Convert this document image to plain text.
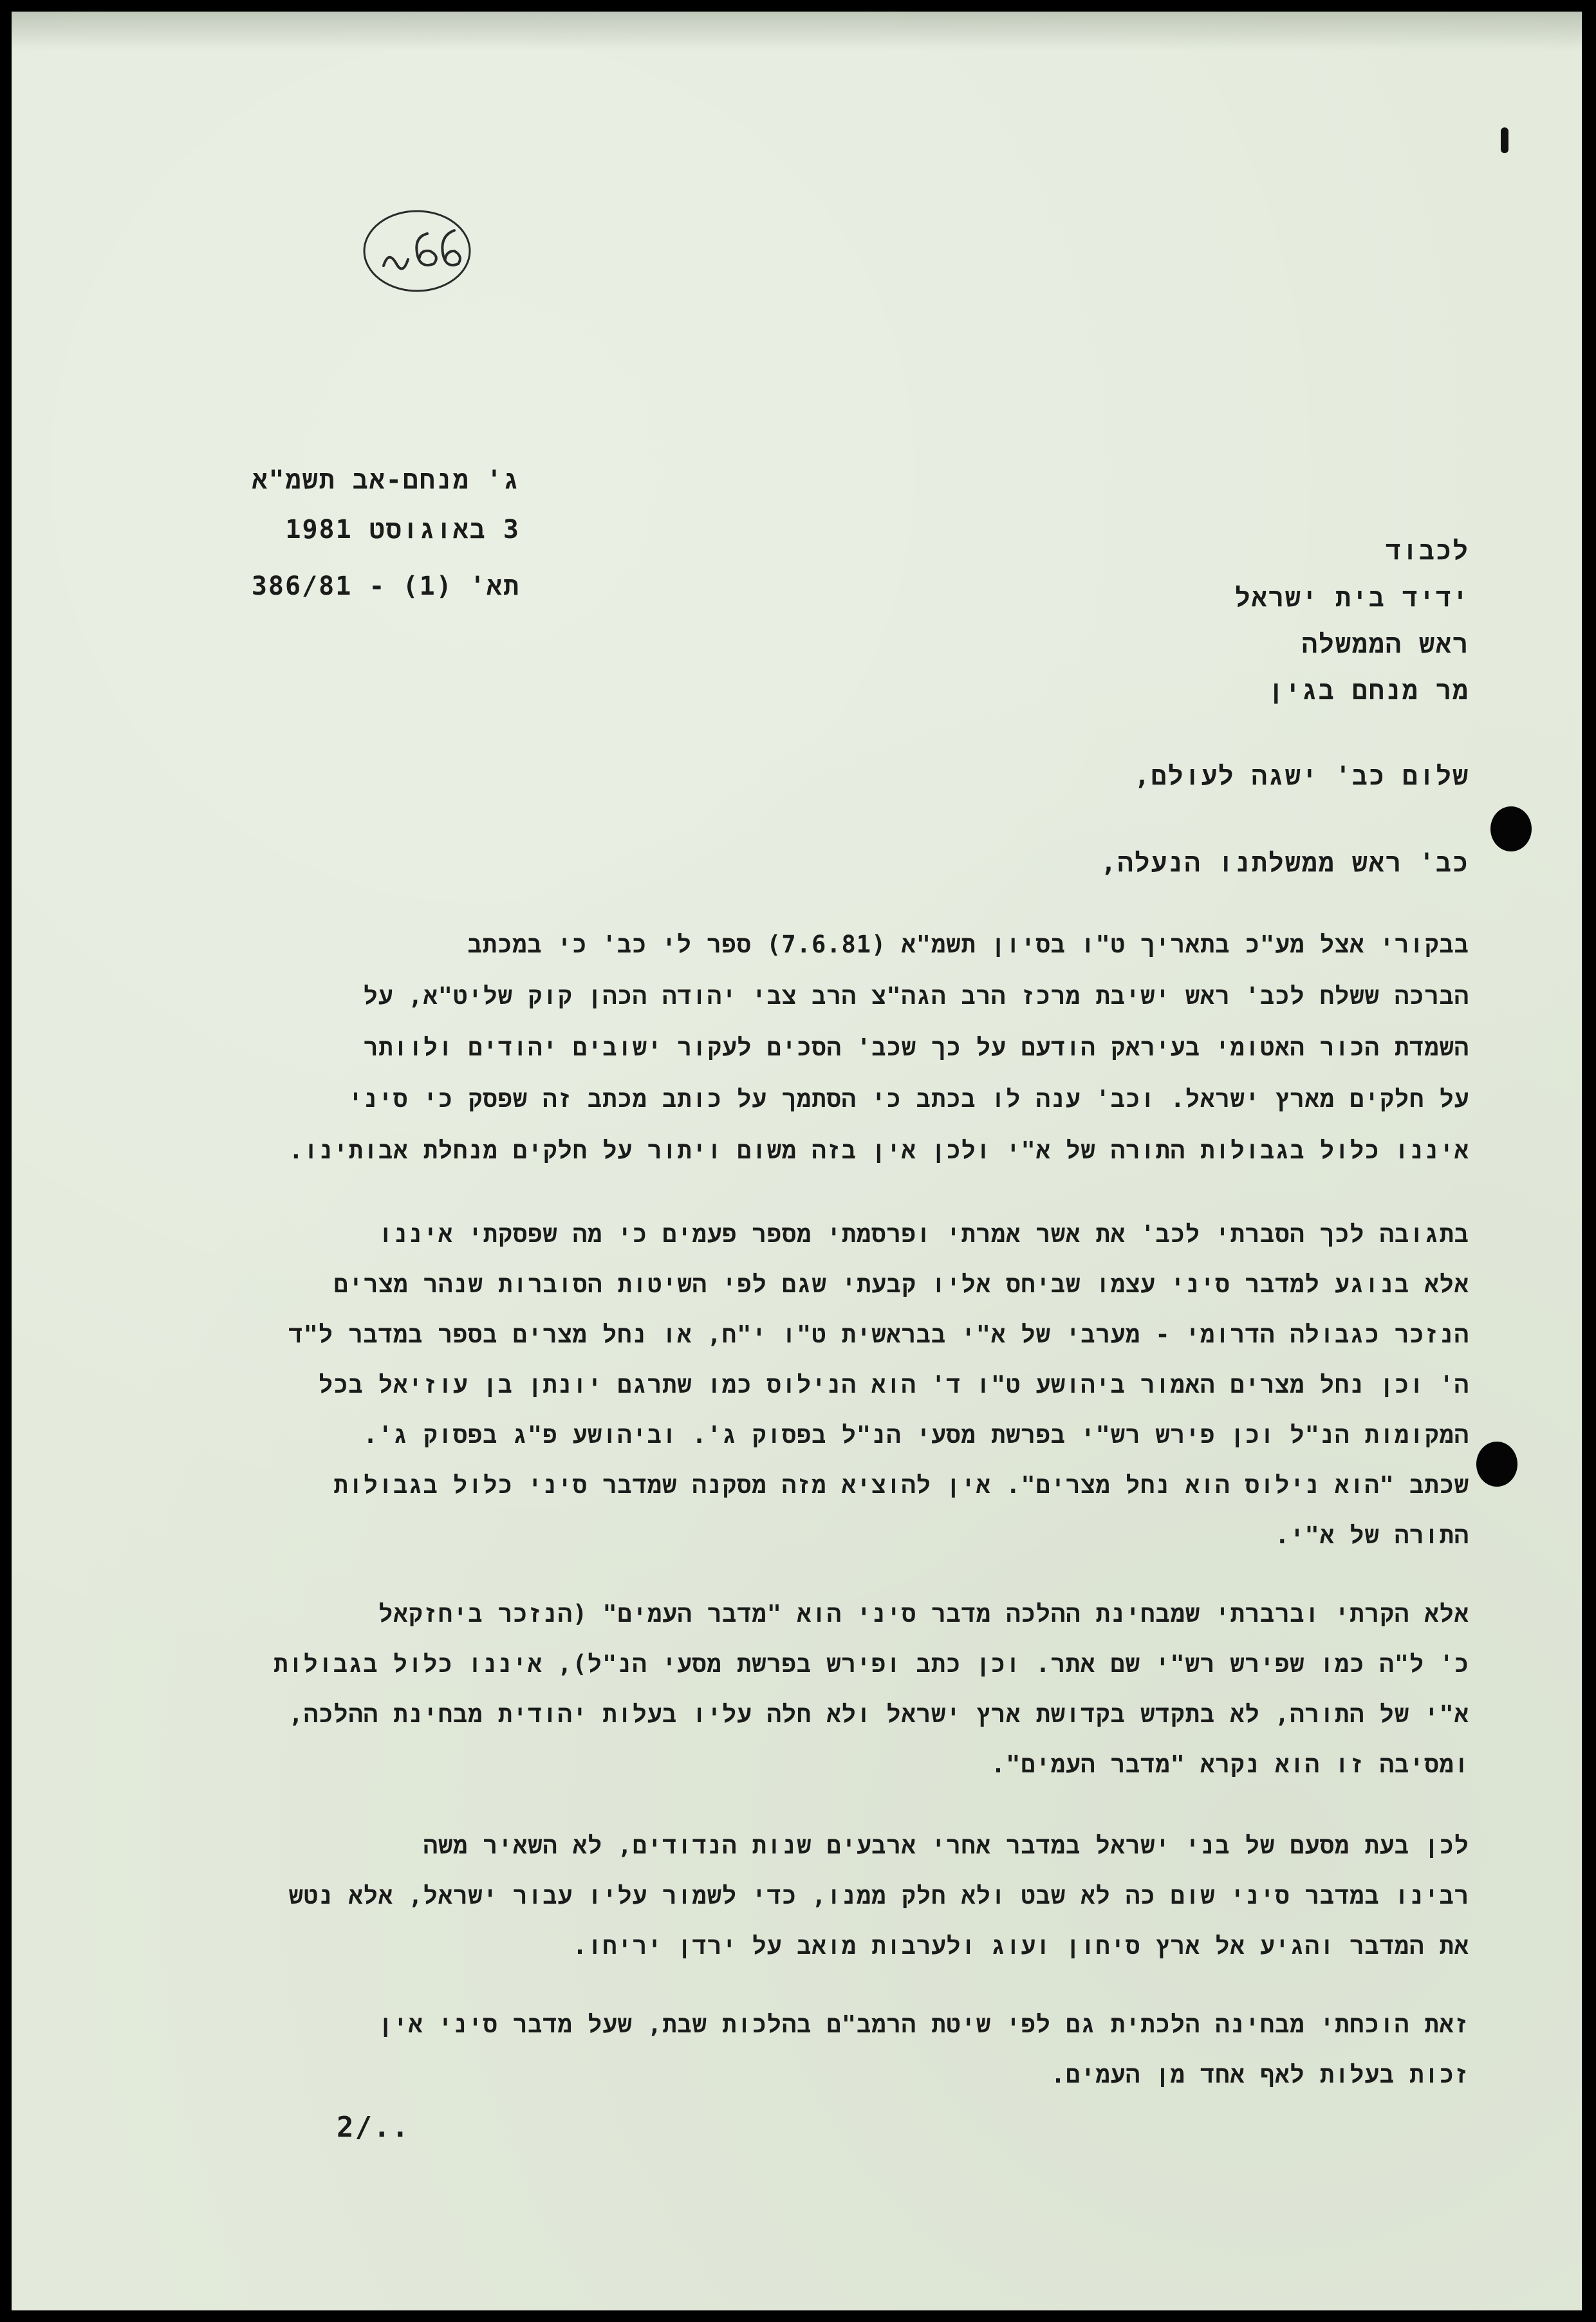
ג' מנחם-אב תשמ"א
3 באוגוסט 1981
תא' (1) - 386/81
לכבוד
ידיד בית ישראל
ראש הממשלה
מר מנחם בגין
שלום כב' ישגה לעולם,
כב' ראש ממשלתנו הנעלה,
בבקורי אצל מע"כ בתאריך ט"ו בסיון תשמ"א (7.6.81) ספר לי כב' כי במכתב
הברכה ששלח לכב' ראש ישיבת מרכז הרב הגה"צ הרב צבי יהודה הכהן קוק שליט"א, על
השמדת הכור האטומי בעיראק הודעם על כך שכב' הסכים לעקור ישובים יהודים ולוותר
על חלקים מארץ ישראל. וכב' ענה לו בכתב כי הסתמך על כותב מכתב זה שפסק כי סיני
איננו כלול בגבולות התורה של א"י ולכן אין בזה משום ויתור על חלקים מנחלת אבותינו.
בתגובה לכך הסברתי לכב' את אשר אמרתי ופרסמתי מספר פעמים כי מה שפסקתי איננו
אלא בנוגע למדבר סיני עצמו שביחס אליו קבעתי שגם לפי השיטות הסוברות שנהר מצרים
הנזכר כגבולה הדרומי - מערבי של א"י בבראשית ט"ו י"ח, או נחל מצרים בספר במדבר ל"ד
ה' וכן נחל מצרים האמור ביהושע ט"ו ד' הוא הנילוס כמו שתרגם יונתן בן עוזיאל בכל
המקומות הנ"ל וכן פירש רש"י בפרשת מסעי הנ"ל בפסוק ג'. וביהושע פ"ג בפסוק ג'.
שכתב "הוא נילוס הוא נחל מצרים". אין להוציא מזה מסקנה שמדבר סיני כלול בגבולות
התורה של א"י.
אלא הקרתי וברברתי שמבחינת ההלכה מדבר סיני הוא "מדבר העמים" (הנזכר ביחזקאל
כ' ל"ה כמו שפירש רש"י שם אתר. וכן כתב ופירש בפרשת מסעי הנ"ל), איננו כלול בגבולות
א"י של התורה, לא בתקדש בקדושת ארץ ישראל ולא חלה עליו בעלות יהודית מבחינת ההלכה,
ומסיבה זו הוא נקרא "מדבר העמים".
לכן בעת מסעם של בני ישראל במדבר אחרי ארבעים שנות הנדודים, לא השאיר משה
רבינו במדבר סיני שום כה לא שבט ולא חלק ממנו, כדי לשמור עליו עבור ישראל, אלא נטש
את המדבר והגיע אל ארץ סיחון ועוג ולערבות מואב על ירדן יריחו.
זאת הוכחתי מבחינה הלכתית גם לפי שיטת הרמב"ם בהלכות שבת, שעל מדבר סיני אין
זכות בעלות לאף אחד מן העמים.
2/..
